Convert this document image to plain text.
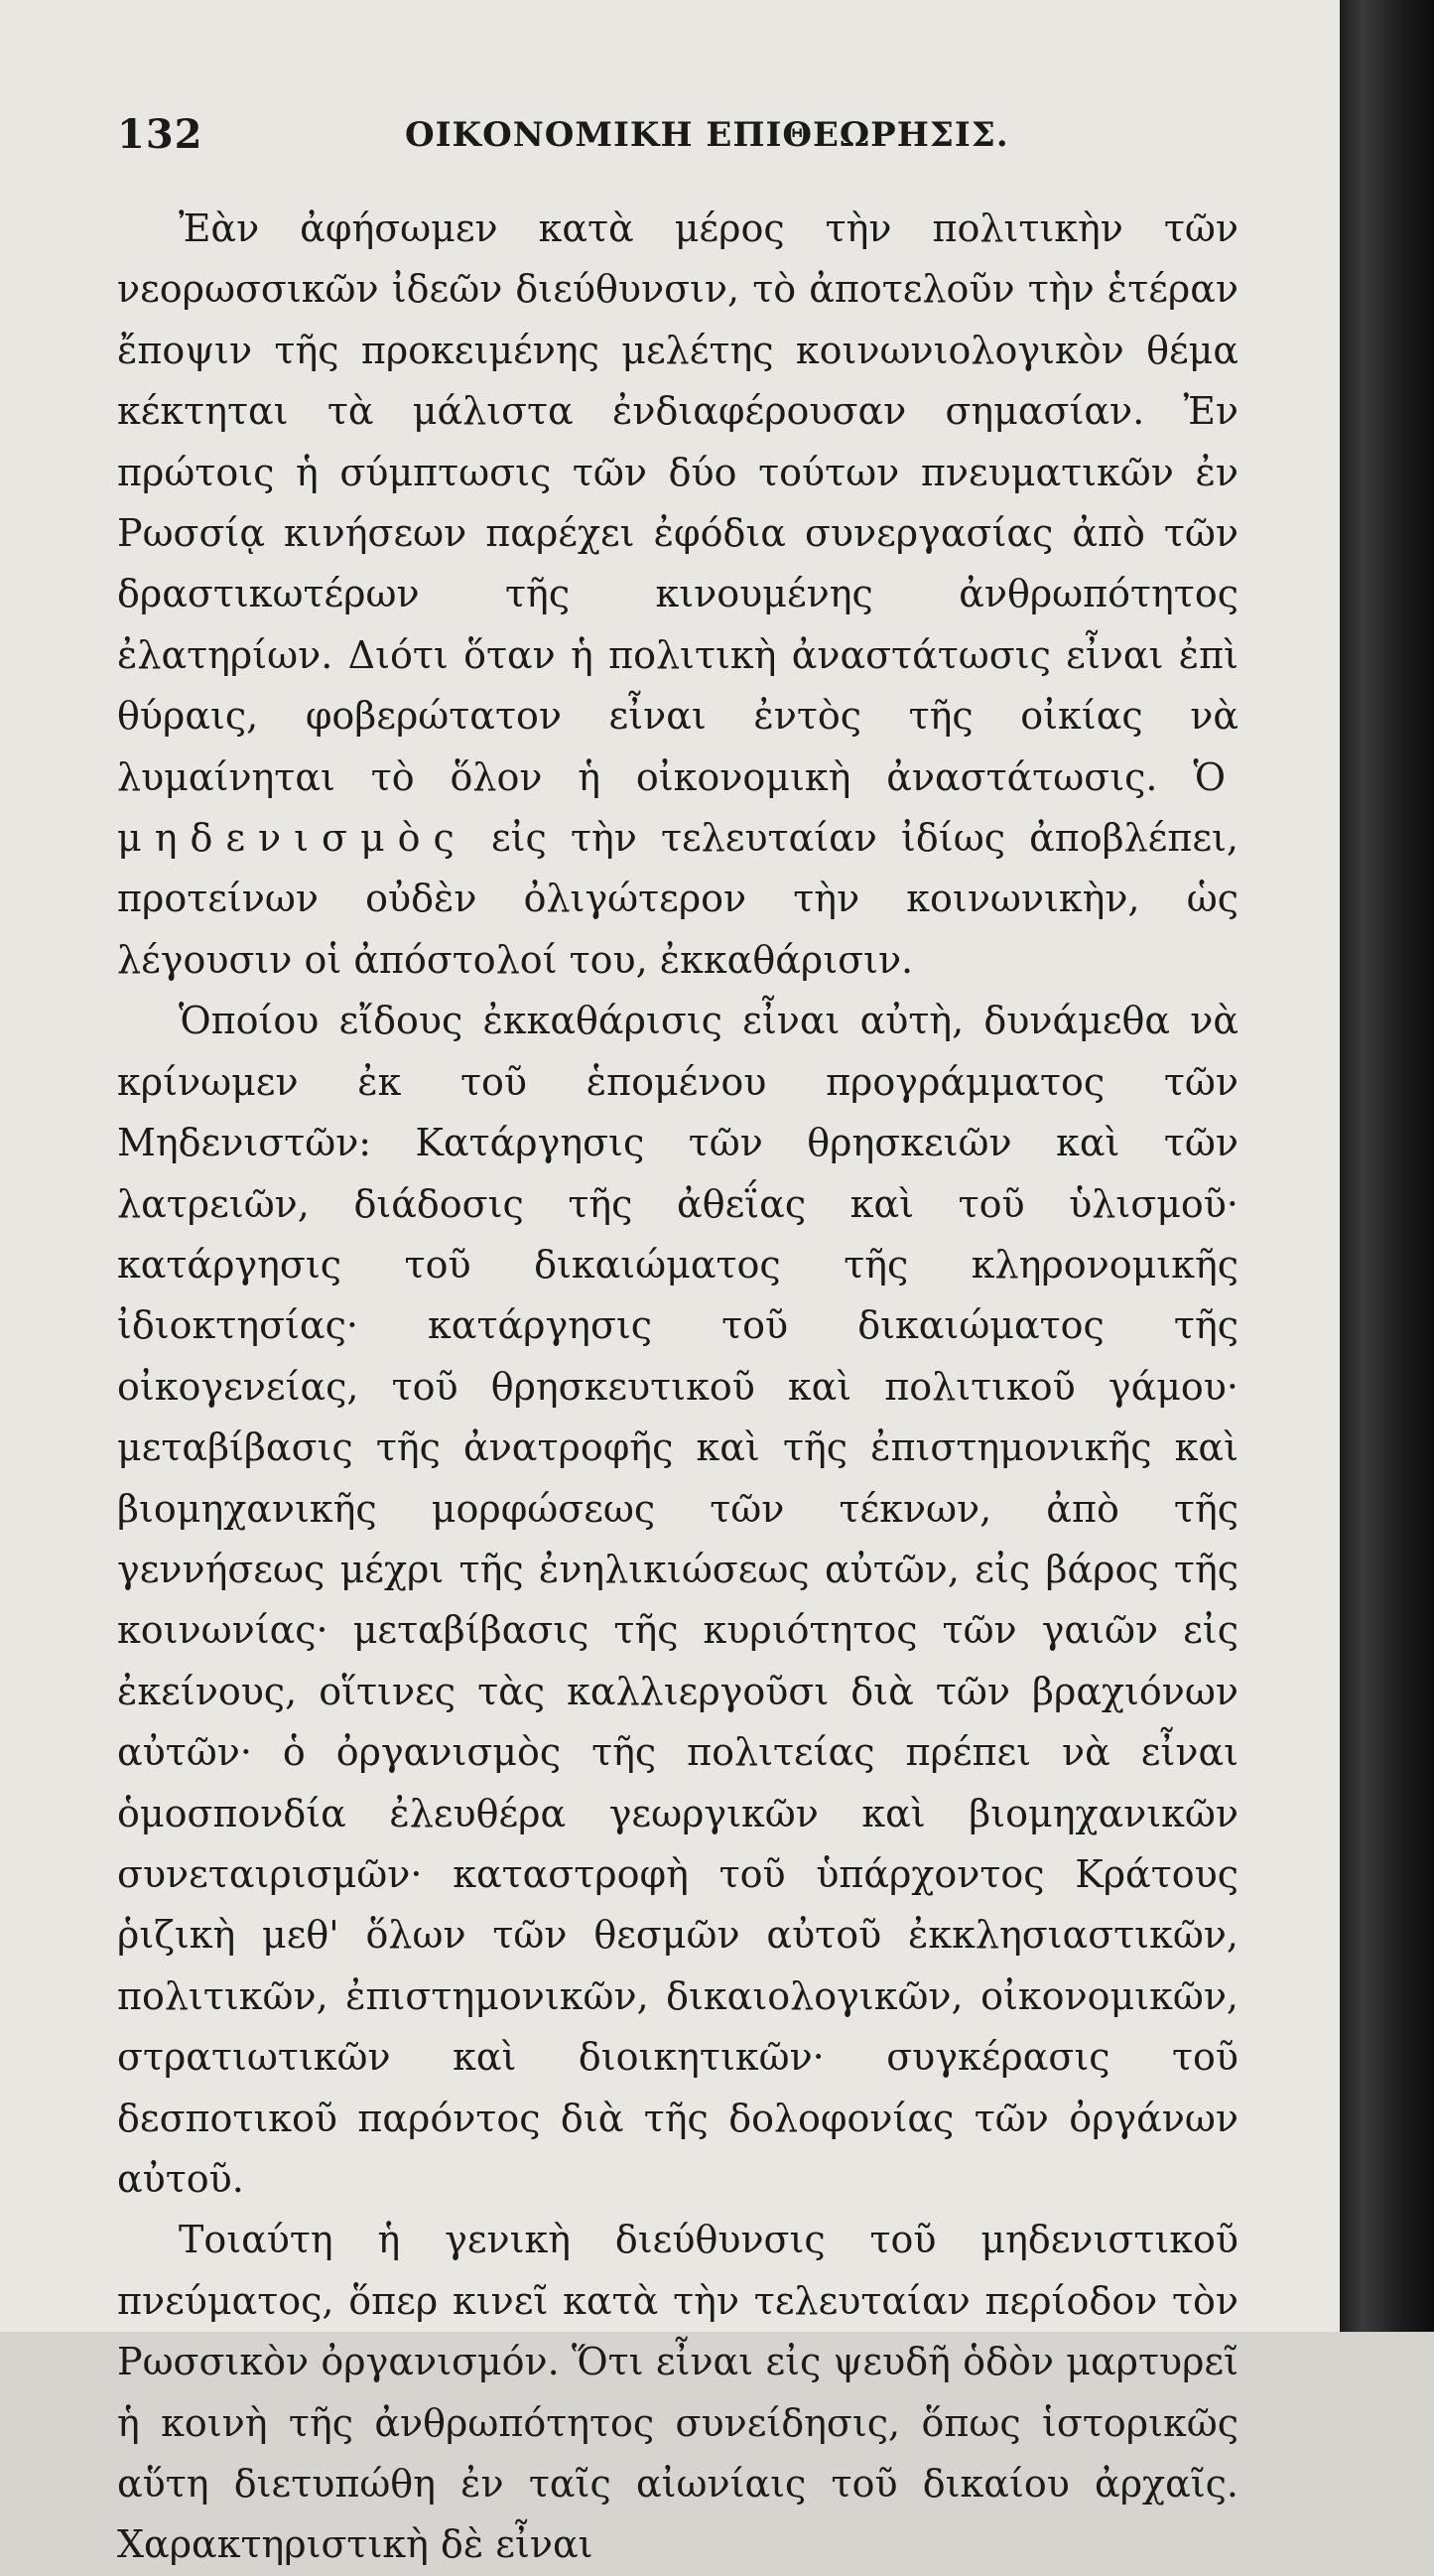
132	ΟΙΚΟΝΟΜΙΚΗ ΕΠΙΘΕΩΡΗΣΙΣ.

Ἐὰν ἀφήσωμεν κατὰ μέρος τὴν πολιτικὴν τῶν νεορωσσικῶν ἰδεῶν διεύθυνσιν, τὸ ἀποτελοῦν τὴν ἑτέραν ἔποψιν τῆς προκειμένης μελέτης κοινωνιολογικὸν θέμα κέκτηται τὰ μάλιστα ἐνδιαφέρουσαν σημασίαν. Ἐν πρώτοις ἡ σύμπτωσις τῶν δύο τούτων πνευματικῶν ἐν Ρωσσίᾳ κινήσεων παρέχει ἐφόδια συνεργασίας ἀπὸ τῶν δραστικωτέρων τῆς κινουμένης ἀνθρωπότητος ἐλατηρίων. Διότι ὅταν ἡ πολιτικὴ ἀναστάτωσις εἶναι ἐπὶ θύραις, φοβερώτατον εἶναι ἐντὸς τῆς οἰκίας νὰ λυμαίνηται τὸ ὅλον ἡ οἰκονομικὴ ἀναστάτωσις. Ὁ μηδενισμὸς εἰς τὴν τελευταίαν ἰδίως ἀποβλέπει, προτείνων οὐδὲν ὀλιγώτερον τὴν κοινωνικὴν, ὡς λέγουσιν οἱ ἀπόστολοί του, ἐκκαθάρισιν.

Ὁποίου εἴδους ἐκκαθάρισις εἶναι αὐτὴ, δυνάμεθα νὰ κρίνωμεν ἐκ τοῦ ἑπομένου προγράμματος τῶν Μηδενιστῶν: Κατάργησις τῶν θρησκειῶν καὶ τῶν λατρειῶν, διάδοσις τῆς ἀθεΐας καὶ τοῦ ὑλισμοῦ· κατάργησις τοῦ δικαιώματος τῆς κληρονομικῆς ἰδιοκτησίας· κατάργησις τοῦ δικαιώματος τῆς οἰκογενείας, τοῦ θρησκευτικοῦ καὶ πολιτικοῦ γάμου· μεταβίβασις τῆς ἀνατροφῆς καὶ τῆς ἐπιστημονικῆς καὶ βιομηχανικῆς μορφώσεως τῶν τέκνων, ἀπὸ τῆς γεννήσεως μέχρι τῆς ἐνηλικιώσεως αὐτῶν, εἰς βάρος τῆς κοινωνίας· μεταβίβασις τῆς κυριότητος τῶν γαιῶν εἰς ἐκείνους, οἵτινες τὰς καλλιεργοῦσι διὰ τῶν βραχιόνων αὐτῶν· ὁ ὀργανισμὸς τῆς πολιτείας πρέπει νὰ εἶναι ὁμοσπονδία ἐλευθέρα γεωργικῶν καὶ βιομηχανικῶν συνεταιρισμῶν· καταστροφὴ τοῦ ὑπάρχοντος Κράτους ῥιζικὴ μεθ' ὅλων τῶν θεσμῶν αὐτοῦ ἐκκλησιαστικῶν, πολιτικῶν, ἐπιστημονικῶν, δικαιολογικῶν, οἰκονομικῶν, στρατιωτικῶν καὶ διοικητικῶν· συγκέρασις τοῦ δεσποτικοῦ παρόντος διὰ τῆς δολοφονίας τῶν ὀργάνων αὐτοῦ.

Τοιαύτη ἡ γενικὴ διεύθυνσις τοῦ μηδενιστικοῦ πνεύματος, ὅπερ κινεῖ κατὰ τὴν τελευταίαν περίοδον τὸν Ρωσσικὸν ὀργανισμόν. Ὅτι εἶναι εἰς ψευδῆ ὁδὸν μαρτυρεῖ ἡ κοινὴ τῆς ἀνθρωπότητος συνείδησις, ὅπως ἱστορικῶς αὕτη διετυπώθη ἐν ταῖς αἰωνίαις τοῦ δικαίου ἀρχαῖς. Χαρακτηριστικὴ δὲ εἶναι
